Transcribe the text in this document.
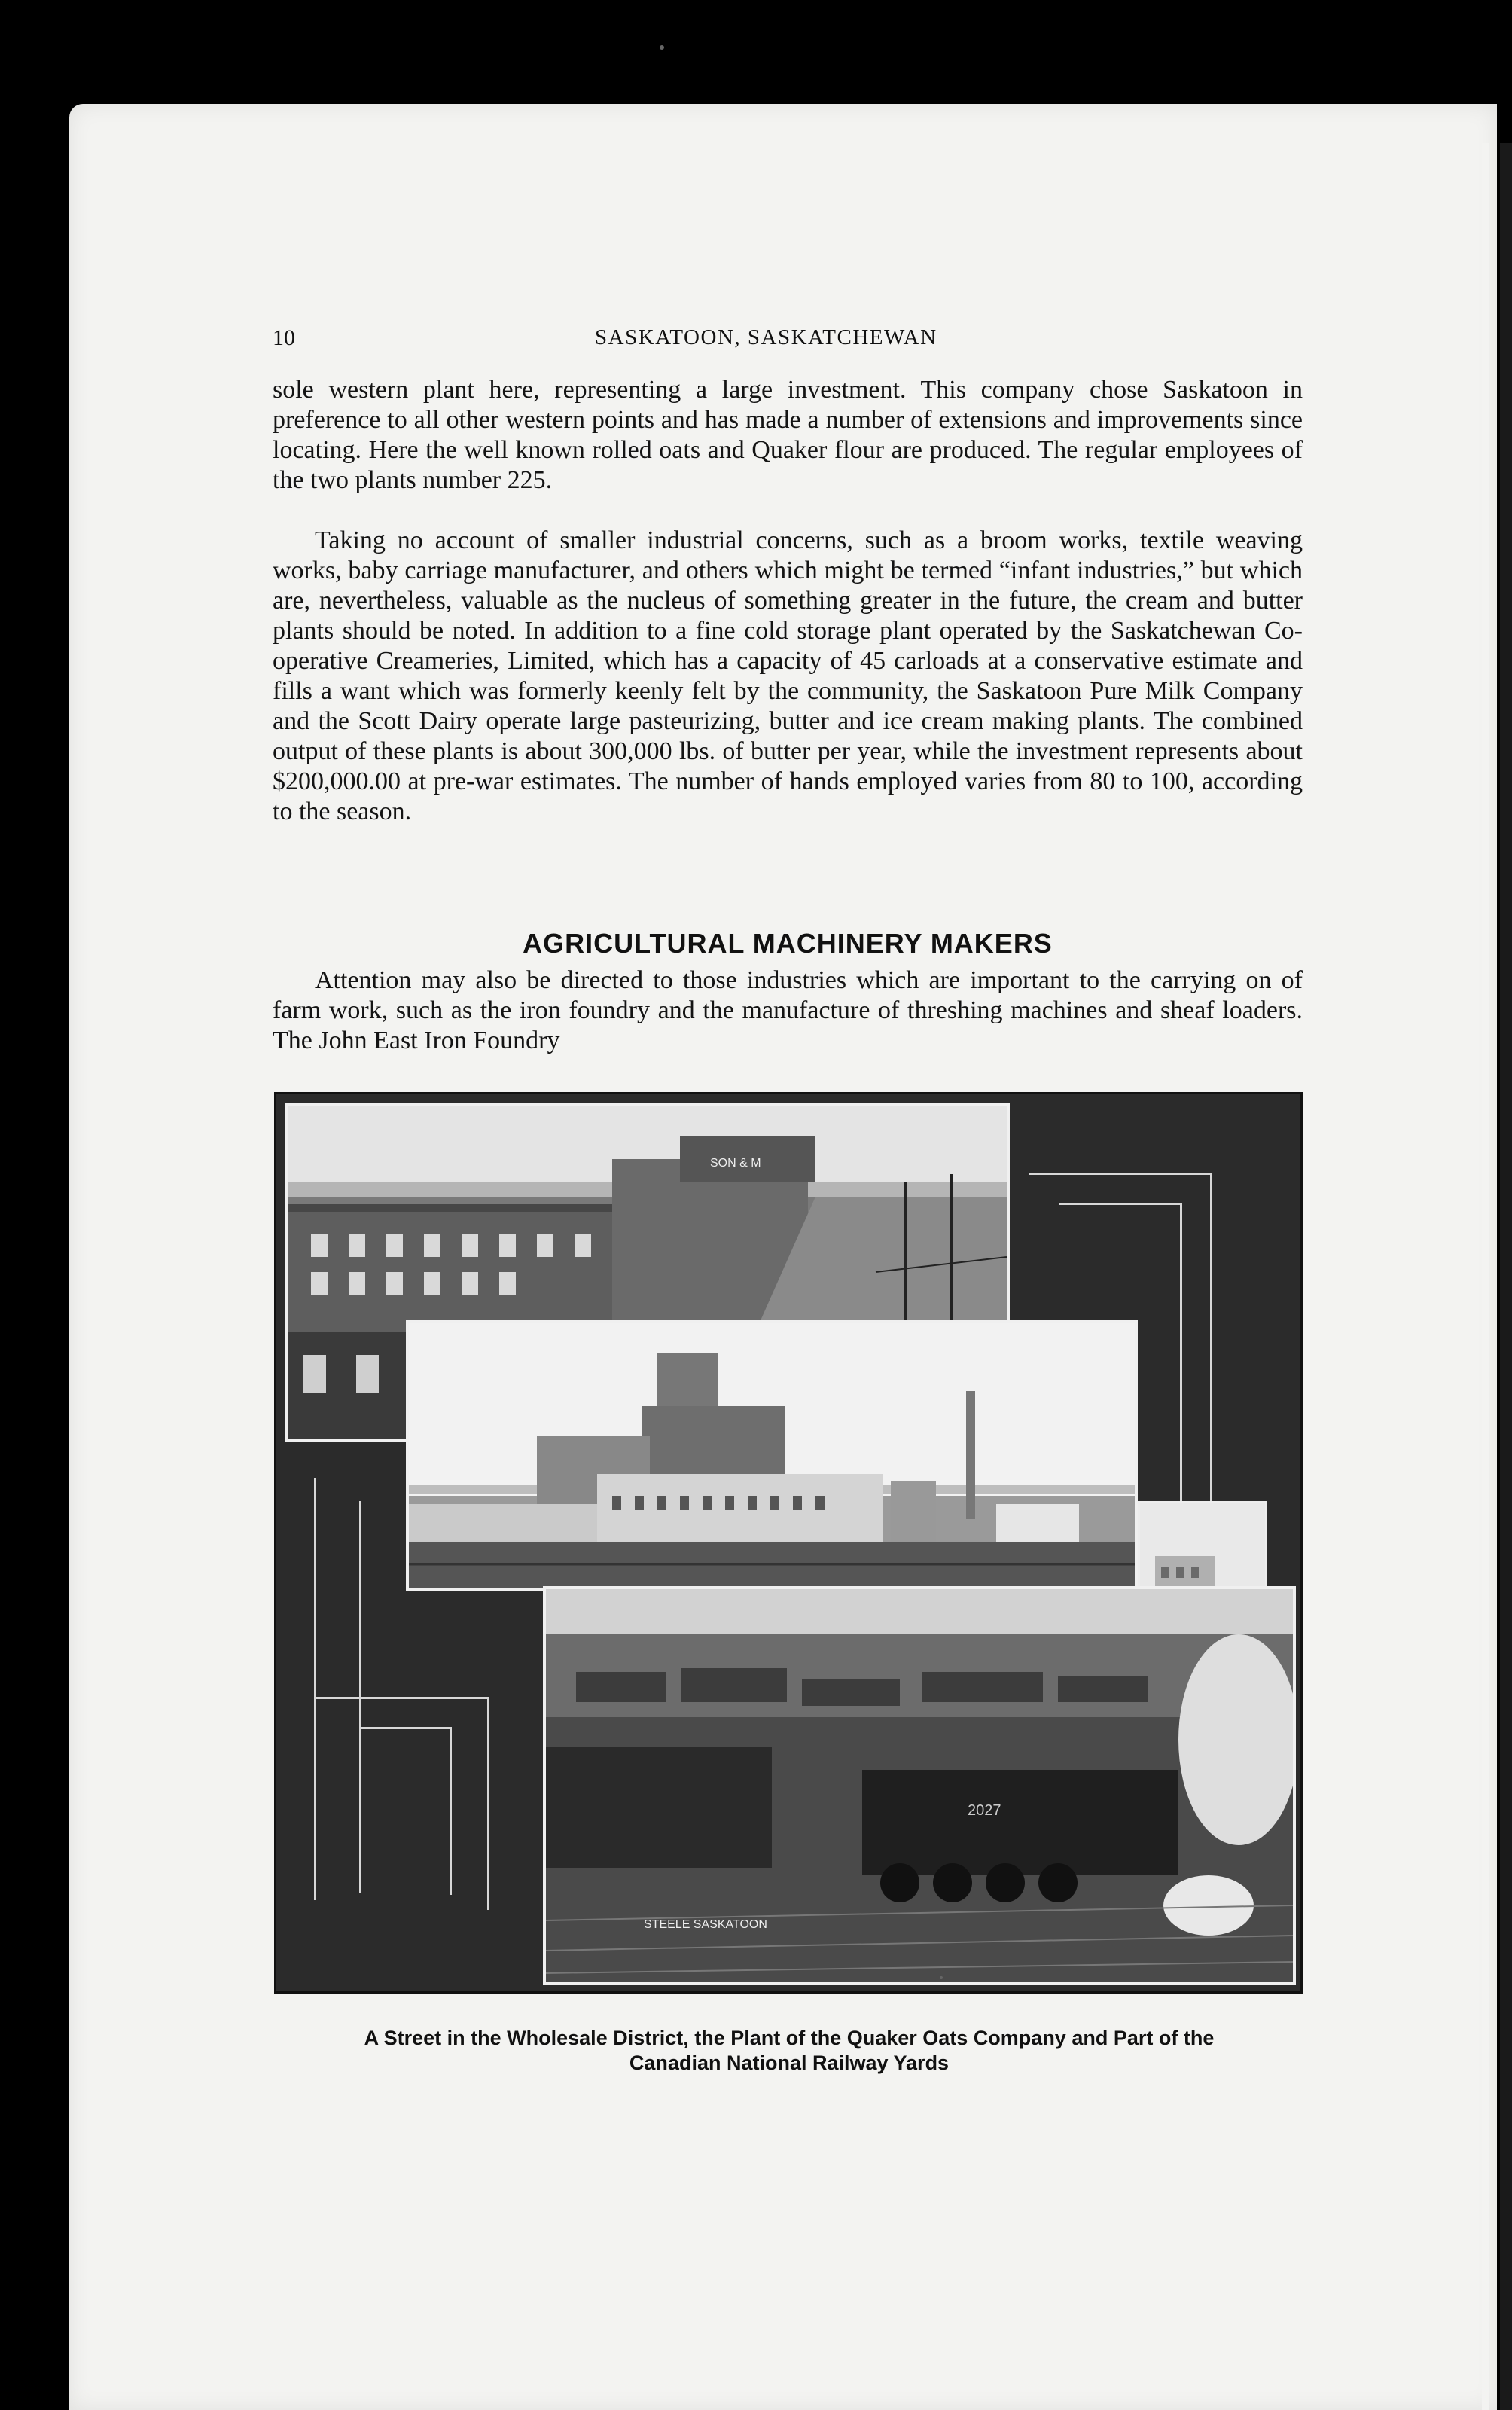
10	SASKATOON, SASKATCHEWAN

sole western plant here, representing a large investment. This company chose Saskatoon in preference to all other western points and has made a number of extensions and improvements since locating. Here the well known rolled oats and Quaker flour are produced. The regular employees of the two plants number 225.

Taking no account of smaller industrial concerns, such as a broom works, textile weaving works, baby carriage manufacturer, and others which might be termed “infant industries,” but which are, nevertheless, valuable as the nucleus of something greater in the future, the cream and butter plants should be noted. In addition to a fine cold storage plant operated by the Saskatchewan Co-operative Creameries, Limited, which has a capacity of 45 carloads at a conservative estimate and fills a want which was formerly keenly felt by the community, the Saskatoon Pure Milk Company and the Scott Dairy operate large pasteurizing, butter and ice cream making plants. The combined output of these plants is about 300,000 lbs. of butter per year, while the investment represents about $200,000.00 at pre-war estimates. The number of hands employed varies from 80 to 100, according to the season.

AGRICULTURAL MACHINERY MAKERS

Attention may also be directed to those industries which are important to the carrying on of farm work, such as the iron foundry and the manufacture of threshing machines and sheaf loaders. The John East Iron Foundry

SON & M
2027
STEELE SASKATOON
A Street in the Wholesale District, the Plant of the Quaker Oats Company and Part of the
Canadian National Railway Yards
